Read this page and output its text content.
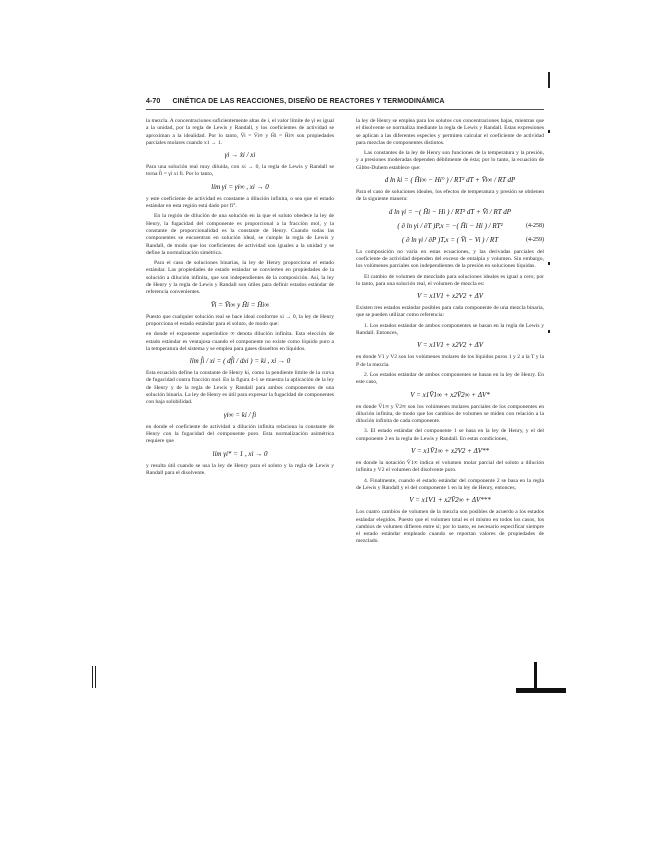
4-70 CINÉTICA DE LAS REACCIONES, DISEÑO DE REACTORES Y TERMODINÁMICA

la mezcla. A concentraciones suficientemente altas de i, el valor límite de γi es igual a la unidad, por la regla de Lewis y Randall, y los coeficientes de actividad se aproximan a la idealidad. Por lo tanto, V̄i = V̄i∞ y H̄i = H̄i∞ son propiedades parciales molares cuando x1 → 1.

γi → x̂i / xi

Para una solución real muy diluida, con xi → 0, la regla de Lewis y Randall se torna f̂i = γi xi fi. Por lo tanto,

lím γi = γi∞ , xi → 0

y este coeficiente de actividad es constante a dilución infinita, o sea que el estado estándar en esta región está dado por fi°.

En la región de dilución de una solución en la que el soluto obedece la ley de Henry, la fugacidad del componente es proporcional a la fracción mol, y la constante de proporcionalidad es la constante de Henry. Cuando todas las componentes se encuentran en solución ideal, se cumple la regla de Lewis y Randall, de modo que los coeficientes de actividad son iguales a la unidad y se define la normalización simétrica.

Para el caso de soluciones binarias, la ley de Henry proporciona el estado estándar. Las propiedades de estado estándar se convierten en propiedades de la solución a dilución infinita, que son independientes de la composición. Así, la ley de Henry y la regla de Lewis y Randall son útiles para definir estados estándar de referencia convenientes.

V̄i = V̄i∞ y H̄i = H̄i∞

Puesto que cualquier solución real se hace ideal conforme xi → 0, la ley de Henry proporciona el estado estándar para el soluto, de modo que:

en donde el exponente superíndice ∞ denota dilución infinita. Esta elección de estado estándar es ventajosa cuando el componente no existe como líquido puro a la temperatura del sistema y se emplea para gases disueltos en líquidos.

lím f̂i / xi = ( df̂i / dxi ) = ki , xi → 0

Esta ecuación define la constante de Henry ki, como la pendiente límite de la curva de fugacidad contra fracción mol. En la figura 4-1 se muestra la aplicación de la ley de Henry y de la regla de Lewis y Randall para ambos componentes de una solución binaria. La ley de Henry es útil para expresar la fugacidad de componentes con baja solubilidad.

γi∞ = ki / fi

en donde el coeficiente de actividad a dilución infinita relaciona la constante de Henry con la fugacidad del componente puro. Esta normalización asimétrica requiere que

lím γi* = 1 , xi → 0

y resulta útil cuando se usa la ley de Henry para el soluto y la regla de Lewis y Randall para el disolvente.

la ley de Henry se emplea para los solutos con concentraciones bajas, mientras que el disolvente se normaliza mediante la regla de Lewis y Randall. Estas expresiones se aplican a las diferentes especies y permiten calcular el coeficiente de actividad para mezclas de componentes distintos.

Las constantes de la ley de Henry son funciones de la temperatura y la presión, y a presiones moderadas dependen débilmente de ésta; por lo tanto, la ecuación de Gibbs-Duhem establece que:

d ln ki = ( H̄i∞ − Hi° ) / RT² dT + V̄i∞ / RT dP

Para el caso de soluciones ideales, los efectos de temperatura y presión se obtienen de la siguiente manera:

d ln γi = −( H̄i − Hi ) / RT² dT + V̄i / RT dP
( ∂ ln γi / ∂T )P,x = −( H̄i − Hi ) / RT²	(4-258)
( ∂ ln γi / ∂P )T,x = ( V̄i − Vi ) / RT	(4-259)

La composición no varía en estas ecuaciones, y las derivadas parciales del coeficiente de actividad dependen del exceso de entalpía y volumen. Sin embargo, los volúmenes parciales son independientes de la presión en soluciones líquidas.

El cambio de volumen de mezclado para soluciones ideales es igual a cero; por lo tanto, para una solución real, el volumen de mezcla es:

V = x1V1 + x2V2 + ΔV

Existen tres estados estándar posibles para cada componente de una mezcla binaria, que se pueden utilizar como referencia:

1. Los estados estándar de ambos componentes se basan en la regla de Lewis y Randall. Entonces,

V = x1V1 + x2V2 + ΔV

en donde V1 y V2 son los volúmenes molares de los líquidos puros 1 y 2 a la T y la P de la mezcla.

2. Los estados estándar de ambos componentes se basan en la ley de Henry. En este caso,

V = x1V̄1∞ + x2V̄2∞ + ΔV*

en donde V̄1∞ y V̄2∞ son los volúmenes molares parciales de los componentes en dilución infinita, de modo que los cambios de volumen se miden con relación a la dilución infinita de cada componente.

3. El estado estándar del componente 1 se basa en la ley de Henry, y el del componente 2 en la regla de Lewis y Randall. En estas condiciones,

V = x1V̄1∞ + x2V2 + ΔV**

en donde la notación V̄1∞ indica el volumen molar parcial del soluto a dilución infinita y V2 el volumen del disolvente puro.

4. Finalmente, cuando el estado estándar del componente 2 se basa en la regla de Lewis y Randall y el del componente 1 en la ley de Henry, entonces,

V = x1V1 + x2V̄2∞ + ΔV***

Los cuatro cambios de volumen de la mezcla son posibles de acuerdo a los estados estándar elegidos. Puesto que el volumen total es el mismo en todos los casos, los cambios de volumen difieren entre sí; por lo tanto, es necesario especificar siempre el estado estándar empleado cuando se reportan valores de propiedades de mezclado.
